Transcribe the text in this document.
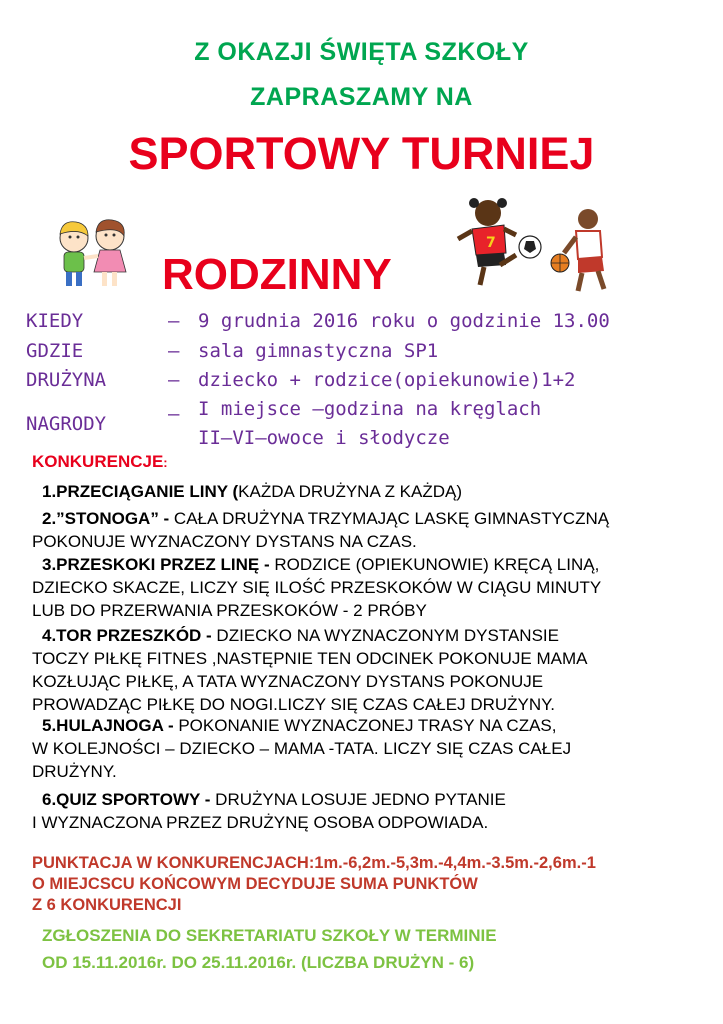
Z OKAZJI ŚWIĘTA SZKOŁY
ZAPRASZAMY NA
SPORTOWY TURNIEJ
RODZINNY
7
KIEDY	– 9 grudnia 2016 roku o godzinie 13.00
GDZIE	– sala gimnastyczna SP1
DRUŻYNA	– dziecko + rodzice(opiekunowie)1+2
NAGRODY	– I miejsce –godzina na kręglach
II–VI–owoce i słodycze
KONKURENCJE:
1.PRZECIĄGANIE LINY (KAŻDA DRUŻYNA Z KAŻDĄ)
2.”STONOGA” - CAŁA DRUŻYNA TRZYMAJĄC LASKĘ GIMNASTYCZNĄ
POKONUJE WYZNACZONY DYSTANS NA CZAS.
3.PRZESKOKI PRZEZ LINĘ - RODZICE (OPIEKUNOWIE) KRĘCĄ LINĄ,
DZIECKO SKACZE, LICZY SIĘ ILOŚĆ PRZESKOKÓW W CIĄGU MINUTY
LUB DO PRZERWANIA PRZESKOKÓW - 2 PRÓBY
4.TOR PRZESZKÓD - DZIECKO NA WYZNACZONYM DYSTANSIE
TOCZY PIŁKĘ FITNES ,NASTĘPNIE TEN ODCINEK POKONUJE MAMA
KOZŁUJĄC PIŁKĘ, A TATA WYZNACZONY DYSTANS POKONUJE
PROWADZĄC PIŁKĘ DO NOGI.LICZY SIĘ CZAS CAŁEJ DRUŻYNY.
5.HULAJNOGA - POKONANIE WYZNACZONEJ TRASY NA CZAS,
W KOLEJNOŚCI – DZIECKO – MAMA -TATA. LICZY SIĘ CZAS CAŁEJ
DRUŻYNY.
6.QUIZ SPORTOWY - DRUŻYNA LOSUJE JEDNO PYTANIE
I WYZNACZONA PRZEZ DRUŻYNĘ OSOBA ODPOWIADA.
PUNKTACJA W KONKURENCJACH:1m.-6,2m.-5,3m.-4,4m.-3.5m.-2,6m.-1
O MIEJCSCU KOŃCOWYM DECYDUJE SUMA PUNKTÓW
Z 6 KONKURENCJI
ZGŁOSZENIA DO SEKRETARIATU SZKOŁY W TERMINIE
OD 15.11.2016r. DO 25.11.2016r. (LICZBA DRUŻYN - 6)
